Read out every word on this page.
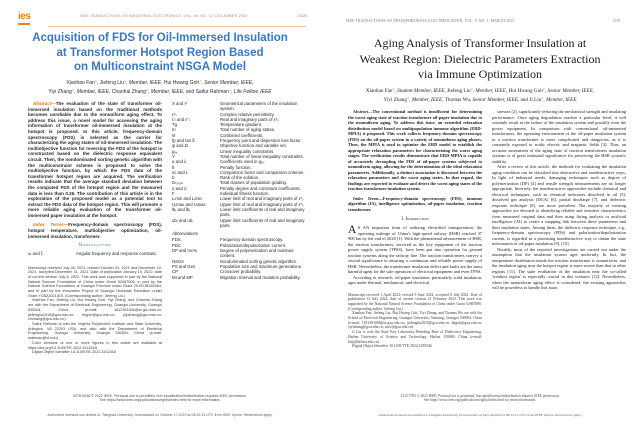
ies	IEEE TRANSACTIONS ON INDUSTRIAL ELECTRONICS, VOL. 69, NO. 12, DECEMBER 2022	13625
Acquisition of FDS for Oil-Immersed Insulation
at Transformer Hotspot Region Based
on Multiconstraint NSGA Model
Xianhao Fan●, Jiefeng Liu●, Member, IEEE, Hui Hwang Goh●, Senior Member, IEEE,
Yiyi Zhang●, Member, IEEE, Chaohai Zhang●, Member, IEEE, and Saifur Rahman●, Life Fellow, IEEE

Abstract—The evaluation of the state of transformer oil-immersed insulation based on the traditional methods becomes unreliable due to the nonuniform aging effect. To address this issue, a novel model for accessing the aging information of transformer oil-immersed insulation at the hotspot is proposed. In this article, frequency-domain spectroscopy (FDS) is selected as the carrier for characterizing the aging states of oil-immersed insulation. The multiobjective function for reversing the FDS of the hotspot is constructed based on the dielectric response equivalent circuit. Then, the nondominated sorting genetic algorithm with the multiconstraint scheme is proposed to solve the multiobjective function, by which the FDS data of the transformer hotspot region are acquired. The verification results indicate that the average standard deviation between the computed FDS of the hotspot region and the measured data is less than 0.26. The contribution of this article is in the exploration of the proposed model as a potential tool to extract the FDS data of the hotspot region. This will promote a more reliable aging evaluation of the transformer oil-immersed paper insulation at the hotspot.

Index Terms—Frequency-domain spectroscopy (FDS), hotspot temperature, multiobjective optimization, oil-immersed insulation, transformer.

Nomenclature
ω and ξ	Angular frequency and response constant.

Manuscript received July 26, 2021; revised October 31, 2021 and December 10, 2021; accepted December 31, 2021. Date of publication January 19, 2022; date of current version July 8, 2022. This work was supported in part by the National Natural Science Foundation of China under Grant 52067006, in part by the Natural Science Foundation of Guangxi Province under Grant 2019JJB160064, and in part by the Innovation Project of Guangxi Graduate Education under Grant YCBZ2021015. (Corresponding author: Jiefeng Liu.)

Xianhao Fan, Jiefeng Liu, Hui Hwang Goh, Yiyi Zhang, and Chaohai Zhang are with the Department of Electrical Engineering, Guangxi University, Guangxi 530004, China (e-mail: 1812391006@st.gxu.edu.cn; jiefengliu2018@gxu.edu.cn; hhgoh@gxu.edu.cn; yiyizhang@gxu.edu.cn; chzhang@gxu.edu.cn).

Saifur Rahman is with the Virginia Polytechnic Institute and State University, Arlington, VA 22203 USA, and also with the Department of Electrical Engineering, Guangxi University, Guangxi 530004, China (e-mail: srahman@vt.edu).

Color versions of one or more figures in this article are available at https://doi.org/10.1109/TIE.2022.3142416.

Digital Object Identifier 10.1109/TIE.2022.3142416

X and Y	Geometrical parameters of the insulation system.
ε*ᵣ	Complex relative permittivity.
ε′ᵣ and ε″ᵣ	Real and imaginary parts of ε*ᵣ.
Tɡ	Temperature gradient.
m	Total number of aging states.
Θ	Combined coefficients.
fp and tan δ	Frequency point and dispersion loss factor.
ψ and Ω	Objective function and variable set.
gᵥᵥ	Linear inequality constraints.
Y	Total number of linear inequality constraints.
α and λ	Coefficients used in gᵥᵥ.
θ	Penalty function.
νᴄ and ε	Comparison factor and comparison criterion.
b	Rank of the solution.
Dₜₒₜₐₗₛ	Total classes of population grading.
η and σ	Penalty degree and constraint coefficients.
F	Individual fitness function.
Lᵣmin and Lᵢmin	Lower limit of real and imaginary parts of ε*ᵣ.
Uᵣmax and Uᵢmax	Upper limit of real and imaginary parts of ε*ᵣ.
lbᵣ and lbᵢ	Lower limit coefficients of real and imaginary parts.
ubᵣ and ubᵢ	Upper limit coefficients of real and imaginary parts.
Abbreviations
FDS.	Frequency-domain spectroscopy.
PDC	Polarization/depolarization current.
DP and mc%	Degree of polymerization and moisture content.
NSGA	Nondominated sorting genetic algorithm.
PS and Gen	Population size and maximum generations.
CP	Crossover probability.
MI and MP	Migration Interval and mutation probability.
0278-0046 © 2022 IEEE. Personal use is permitted, but republication/redistribution requires IEEE permission.
See https://www.ieee.org/publications/rights/index.html for more information.
Authorized licensed use limited to: Tsinghua University. Downloaded on October 17,2022 at 08:34:31 UTC from IEEE Xplore. Restrictions apply.
IEEE TRANSACTIONS ON TRANSPORTATION ELECTRIFICATION, VOL. 9, NO. 1, MARCH 2023	1578
Aging Analysis of Transformer Insulation at
Weakest Region: Dielectric Parameters Extraction
via Immune Optimization
Xianhao Fan●, Student Member, IEEE, Jiefeng Liu●, Member, IEEE, Hui Hwang Goh●, Senior Member, IEEE,
Yiyi Zhang●, Member, IEEE, Thomas Wu, Senior Member, IEEE, and Ji Liu●, Member, IEEE

Abstract—The conventional method is insufficient for determining the worst aging state of traction transformer oil-paper insulation due to the nonuniform aging. To address this issue, an extended relaxation distribution model based on multipopulation immune algorithm (ERD-MPIA) is proposed. This work collects frequency-domain spectroscopy (FDS) on the oil-paper system in a variety of nonuniform aging phases. Then, the MPIA is used to optimize the ERD model to establish the appropriate relaxation parameters for characterizing the worst aging stages. The verification results demonstrate that ERD-MPIA is capable of accurately decoupling the FDS of oil-paper systems subjected to nonuniform aging, allowing for the determination of the ideal relaxation parameters. Additionally, a distinct association is discussed between the relaxation parameters and the worst aging states. In that regard, the findings are expected to evaluate and detect the worst aging states of the traction transformer insulation system.

Index Terms—Frequency-domain spectroscopy (FDS), immune algorithm (IA), intelligence optimization, oil-paper insulation, traction transformer.

I. Introduction

A S AN important form of realizing electrified transportation, the operating mileage of China's high-speed railway (HSR) reached 37 900 km by the end of 2020 [1]. With the phenomenal advancement of HSR, the traction transformers, serviced as the key equipment of the traction power supply system (TPSS), have been put into operation for ground traction systems along the railway line. The traction transformers convey a crucial significance to ensuring a continuous and reliable power supply of HSR. Nevertheless, the transformer insulation defect and faults are the most harmful agent for the safe operation of electrical equipment and even TPSS.

According to research, oil-paper insulation, particularly solid insulation, ages under thermal, mechanical, and electrical

Manuscript received 1 April 2022; revised 9 June 2022; accepted 8 July 2022. Date of publication 13 July 2022; date of current version 21 February 2023. This work was supported by the National Natural Science Foundation of China under Grant 52067006. (Corresponding author: Jiefeng Liu.)

Xianhao Fan, Jiefeng Liu, Hui Hwang Goh, Yiyi Zhang, and Thomas Wu are with the School of Electrical Engineering, Guangxi University, Nanning, Guangxi 530004, China (e-mail: 1812391006@st.gxu.edu.cn; jiefengliu2018@gxu.edu.cn; hhgoh@gxu.edu.cn; yiyizhang@gxu.edu.cn; wuw@gxu.edu.cn).

Ji Liu is with the State Key Laboratory Breeding Base of Dielectrics Engineering, Harbin University of Science and Technology, Harbin 150080, China (e-mail: liuji@hrbust.edu.cn).

Digital Object Identifier 10.1109/TTE.2022.3190346

stresses [2], significantly reducing the mechanical strength and insulating performance. Once aging degradation reaches a particular level, it will certainly result in the failure of the insulation system and possibly even the power equipment. In comparison with conventional oil-immersed transformers, the operating environment of the oil-paper insulation system in a traction transformer is more complicated and dangerous, as it is constantly exposed to acidic electric and magnetic fields [3]. Thus, an accurate assessment of the aging state of traction transformers insulation systems is of great industrial significance for preserving the HSR system's stability.

After a review of this article, the methods for evaluating the insulation aging condition can be classified into destructive and nondestructive ways. In light of industrial needs, damaging techniques such as degree of polymerization (DP) [4] and tensile strength measurements are no longer appropriate. Inversely, the nondestructive approaches include chemical and electrical techniques, such as chemical indicators dissolved in oil [5], dissolved gas analysis (DGA) [6], partial discharge [7], and dielectric response technique [8], are more prevalent. The majority of existing approaches are devoted to identifying reliable and sensitive characteristics from measured original data and then using fitting analysis or artificial intelligence (AI) to create a mapping link between these parameters and their insulation states. Among them, the dielectric response technique, e.g., frequency-domain spectroscopy (FDS) and polarization/depolarization current, is regarded as a promising nondestructive way to obtain the state information of oil-paper insulation [9], [10].

Notably, most of the reported investigations are carried out under the assumption that the insulation system ages uniformly. In fact, the temperature distribution inside the traction transformer is nonuniform, and the insulation aging near the hotspot region is more severe than that in other regions [11]. The state evaluation of the insulation near the so-called 'weakest region' is especially crucial in this scenario [12]. Nevertheless, when the nonuniform aging effect is considered, the existing approaches will be powerless to handle this issue.

2332-7782 © 2022 IEEE. Personal use is permitted, but republication/redistribution requires IEEE permission.
See https://www.ieee.org/publications/rights/index.html for more information.
Authorized licensed use limited to: Tsinghua University. Downloaded on May 04,2023 at 08:12:15 UTC from IEEE Xplore. Restrictions apply.
